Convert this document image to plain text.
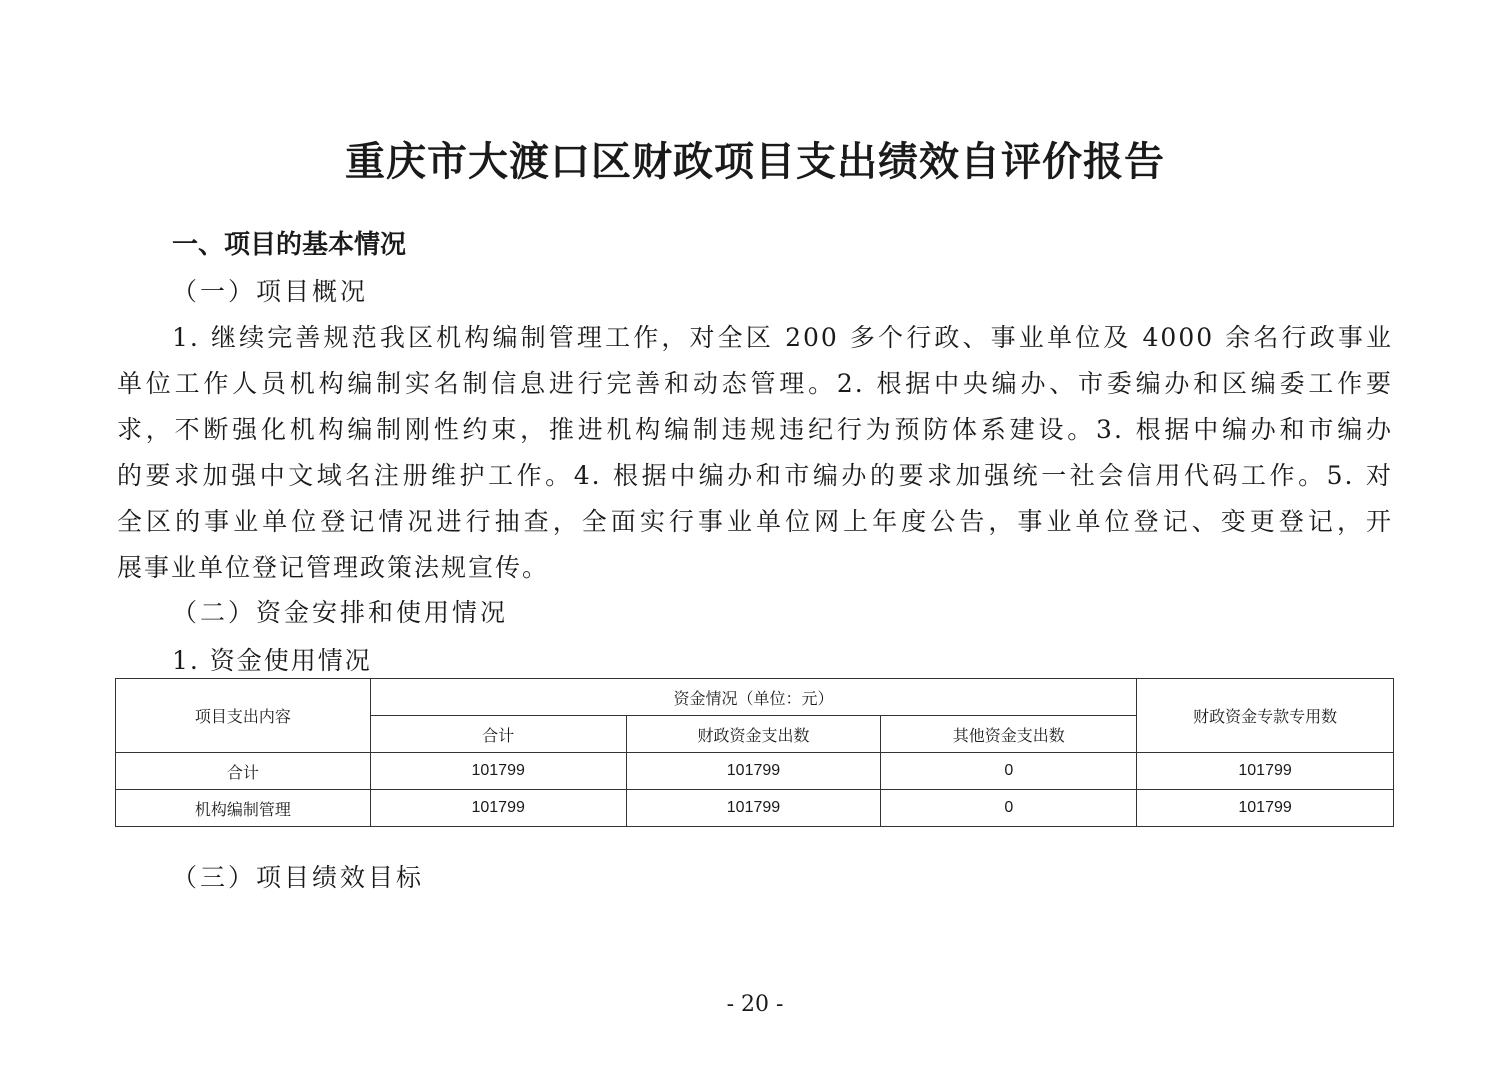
重庆市大渡口区财政项目支出绩效自评价报告
一、项目的基本情况
（一）项目概况
1. 继续完善规范我区机构编制管理工作，对全区 200 多个行政、事业单位及 4000 余名行政事业
单位工作人员机构编制实名制信息进行完善和动态管理。2. 根据中央编办、市委编办和区编委工作要
求，不断强化机构编制刚性约束，推进机构编制违规违纪行为预防体系建设。3. 根据中编办和市编办
的要求加强中文域名注册维护工作。4. 根据中编办和市编办的要求加强统一社会信用代码工作。5. 对
全区的事业单位登记情况进行抽查，全面实行事业单位网上年度公告，事业单位登记、变更登记，开
展事业单位登记管理政策法规宣传。
（二）资金安排和使用情况
1. 资金使用情况
项目支出内容	资金情况（单位：元）			财政资金专款专用数
	合计	财政资金支出数	其他资金支出数	
合计	101799	101799	0	101799
机构编制管理	101799	101799	0	101799
（三）项目绩效目标
- 20 -
